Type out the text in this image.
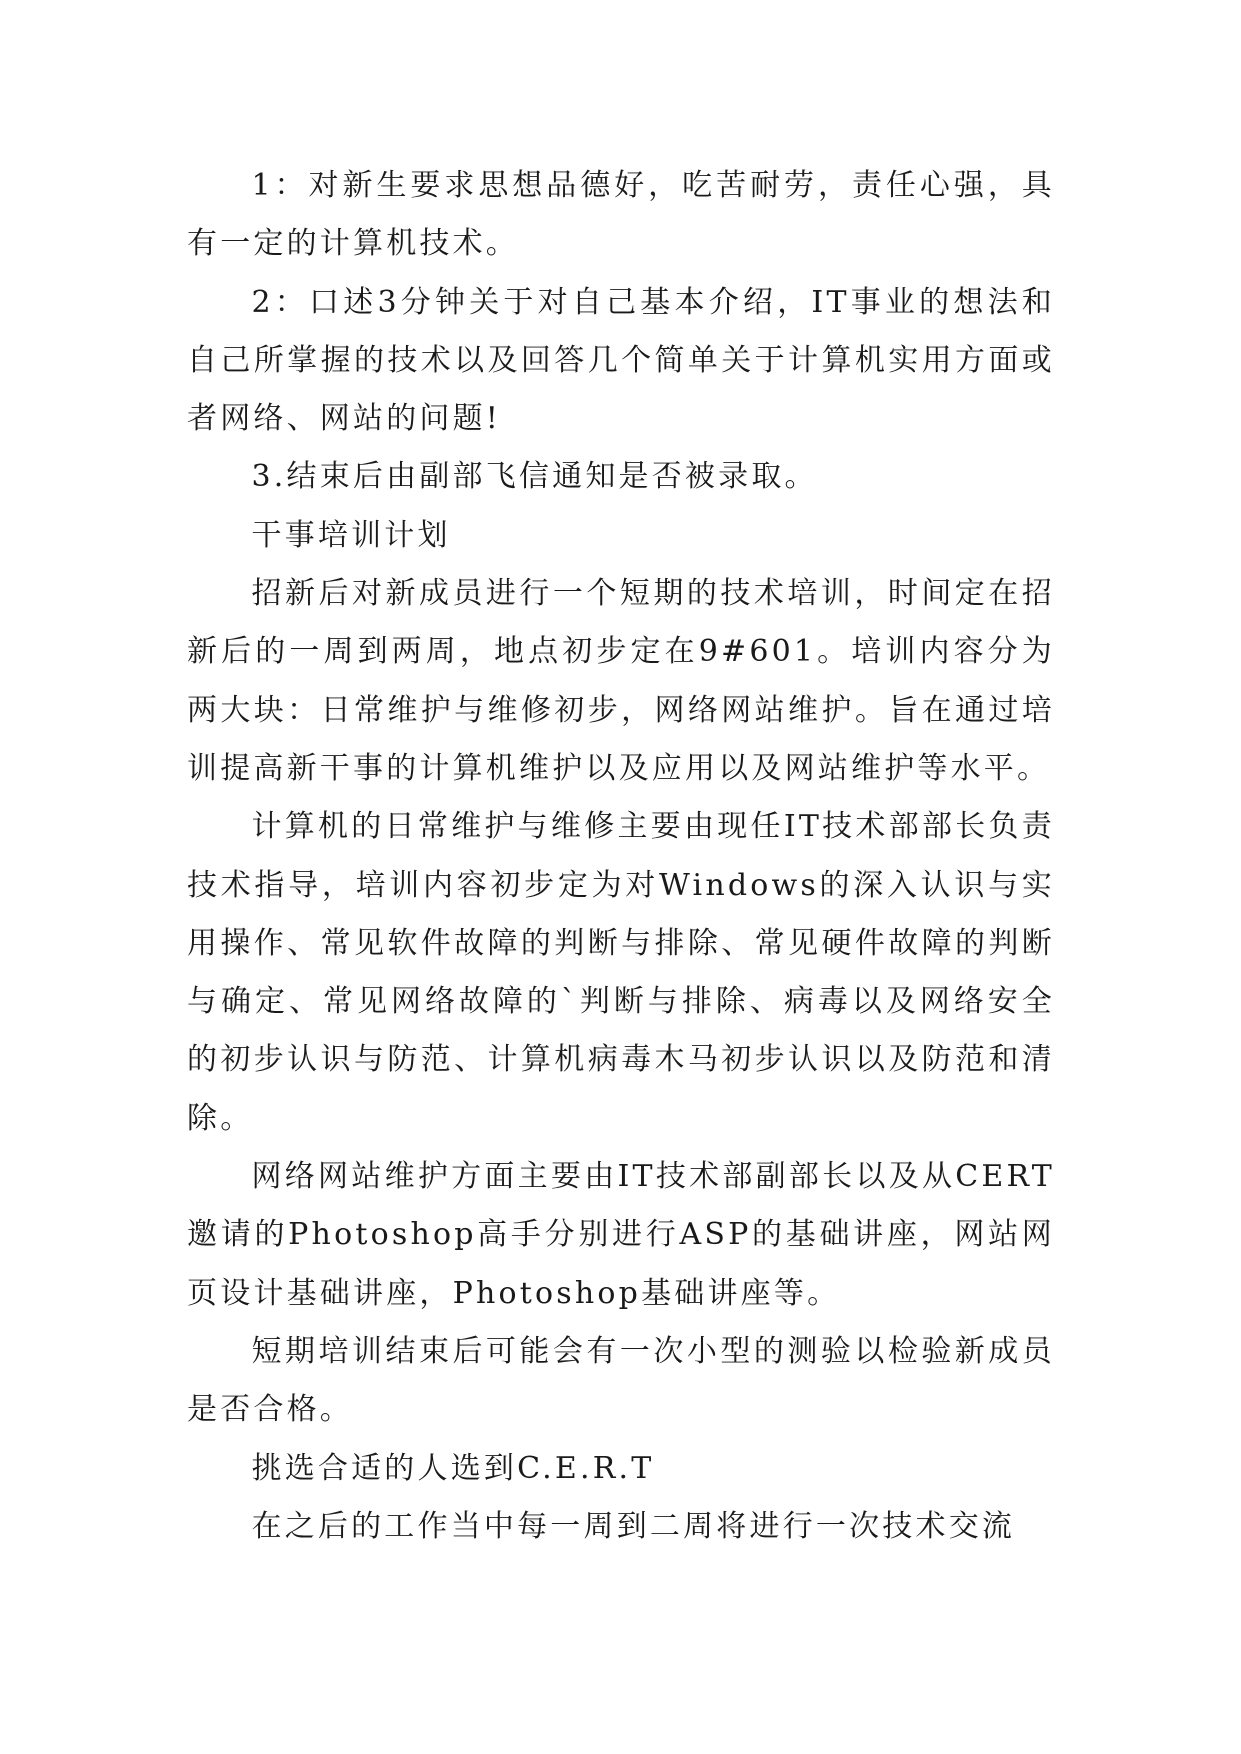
1：对新生要求思想品德好，吃苦耐劳，责任心强，具有一定的计算机技术。

2：口述3分钟关于对自己基本介绍，IT事业的想法和自己所掌握的技术以及回答几个简单关于计算机实用方面或者网络、网站的问题!

3.结束后由副部飞信通知是否被录取。

干事培训计划

招新后对新成员进行一个短期的技术培训，时间定在招新后的一周到两周，地点初步定在9#601。培训内容分为两大块：日常维护与维修初步，网络网站维护。旨在通过培训提高新干事的计算机维护以及应用以及网站维护等水平。

计算机的日常维护与维修主要由现任IT技术部部长负责技术指导，培训内容初步定为对Windows的深入认识与实用操作、常见软件故障的判断与排除、常见硬件故障的判断与确定、常见网络故障的`判断与排除、病毒以及网络安全的初步认识与防范、计算机病毒木马初步认识以及防范和清除。

网络网站维护方面主要由IT技术部副部长以及从CERT邀请的Photoshop高手分别进行ASP的基础讲座，网站网页设计基础讲座，Photoshop基础讲座等。

短期培训结束后可能会有一次小型的测验以检验新成员是否合格。

挑选合适的人选到C.E.R.T

在之后的工作当中每一周到二周将进行一次技术交流
